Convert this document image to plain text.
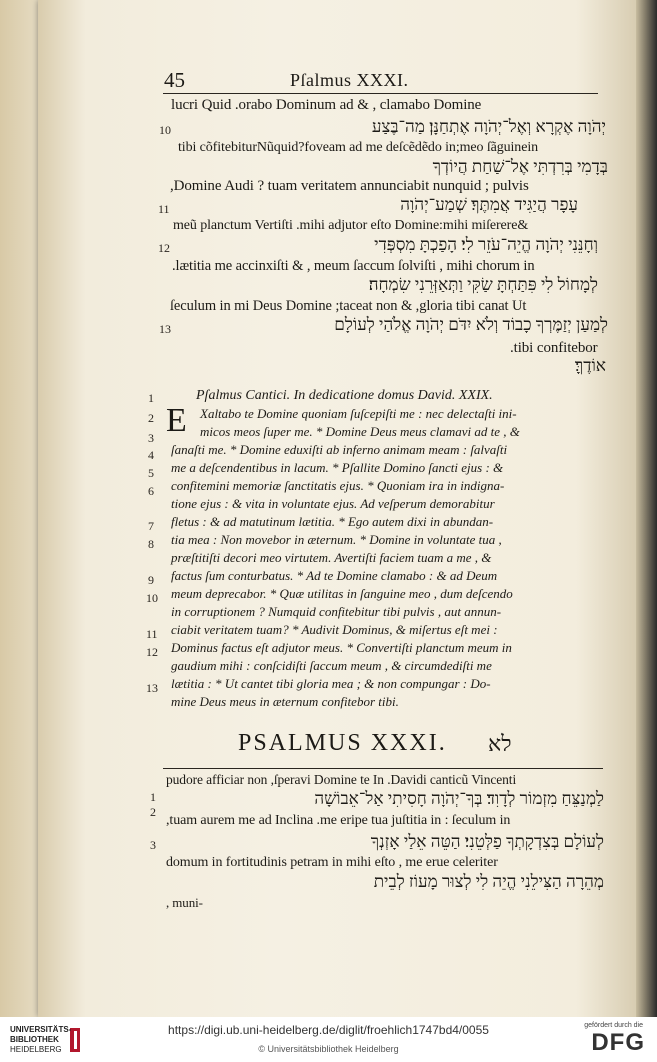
45	Pſalmus XXXI.
lucri Quid .orabo Dominum ad & , clamabo Domine
10	יְהֹוָה אֶקְרָא וְאֶל־יְהֹוָה אֶתְחַנָּן׃ מַה־בֶּצַע
tibi cõfitebiturNũquid?foveam ad me deſcẽdẽdo in;meo ſãguinein
בְּדָמִי בְּרִדְתִּי אֶל־שַׁחַת הֲיוֹדְךָ
,Domine Audi ? tuam veritatem annunciabit nunquid ; pulvis
11	עָפָר הֲיַגִּיד אֲמִתֶּךָ׃ שְׁמַע־יְהֹוָה
meũ planctum Vertiſti .mihi adjutor eſto Domine:mihi miſerere&
12	וְחָנֵּנִי יְהֹוָה הֱיֵה־עֹזֵר לִי׃ הָפַכְתָּ מִסְפְּדִי
.lætitia me accinxiſti & , meum ſaccum ſolviſti , mihi chorum in
לְמָחוֹל לִי פִּתַּחְתָּ שַׂקִּי וַתְּאַזְּרֵנִי שִׂמְחָה׃
ſeculum in mi Deus Domine ;taceat non & ,gloria tibi canat Ut
13	לְמַעַן יְזַמֶּרְךָ כָבוֹד וְלֹא יִדֹּם יְהֹוָה אֱלֹהַי לְעוֹלָם
.tibi confitebor
אוֹדֶךָּ׃
1	Pſalmus Cantici. In dedicatione domus David. XXIX.
E Xaltabo te Domine quoniam ſuſcepiſti me : nec delectaſti ini-
2
micos meos ſuper me. * Domine Deus meus clamavi ad te , &
3
ſanaſti me. * Domine eduxiſti ab inferno animam meam : ſalvaſti
4
me a deſcendentibus in lacum. * Pſallite Domino ſancti ejus : &
5
confitemini memoriæ ſanctitatis ejus. * Quoniam ira in indigna-
6
tione ejus : & vita in voluntate ejus. Ad veſperum demorabitur
fletus : & ad matutinum lætitia. * Ego autem dixi in abundan-
7
tia mea : Non movebor in æternum. * Domine in voluntate tua ,
8
præſtitiſti decori meo virtutem. Avertiſti faciem tuam a me , &
factus ſum conturbatus. * Ad te Domine clamabo : & ad Deum
9
meum deprecabor. * Quæ utilitas in ſanguine meo , dum deſcendo
10
in corruptionem ? Numquid confitebitur tibi pulvis , aut annun-
ciabit veritatem tuam? * Audivit Dominus, & miſertus eſt mei :
11
Dominus factus eſt adjutor meus. * Convertiſti planctum meum in
12
gaudium mihi : conſcidiſti ſaccum meum , & circumdediſti me
lætitia : * Ut cantet tibi gloria mea ; & non compungar : Do-
13
mine Deus meus in æternum confitebor tibi.
PSALMUS XXXI. לא
pudore afficiar non ,ſperavi Domine te In .Davidi canticũ Vincenti
1
2
לַמְנַצֵּחַ מִזְמוֹר לְדָוִד׃ בְּךָ־יְהֹוָה חָסִיתִי אַל־אֵבוֹשָׁה
,tuam aurem me ad Inclina .me eripe tua juſtitia in : ſeculum in
3	לְעוֹלָם בְּצִדְקָתְךָ פַלְּטֵנִי׃ הַטֵּה אֵלַי אָזְנְךָ
domum in fortitudinis petram in mihi eſto , me erue celeriter
מְהֵרָה הַצִּילֵנִי הֱיֵה לִי לְצוּר מָעוֹז לְבֵית
, muni-
UNIVERSITÄTS-
BIBLIOTHEK
HEIDELBERG
https://digi.ub.uni-heidelberg.de/diglit/froehlich1747bd4/0055
© Universitätsbibliothek Heidelberg
gefördert durch die
DFG
